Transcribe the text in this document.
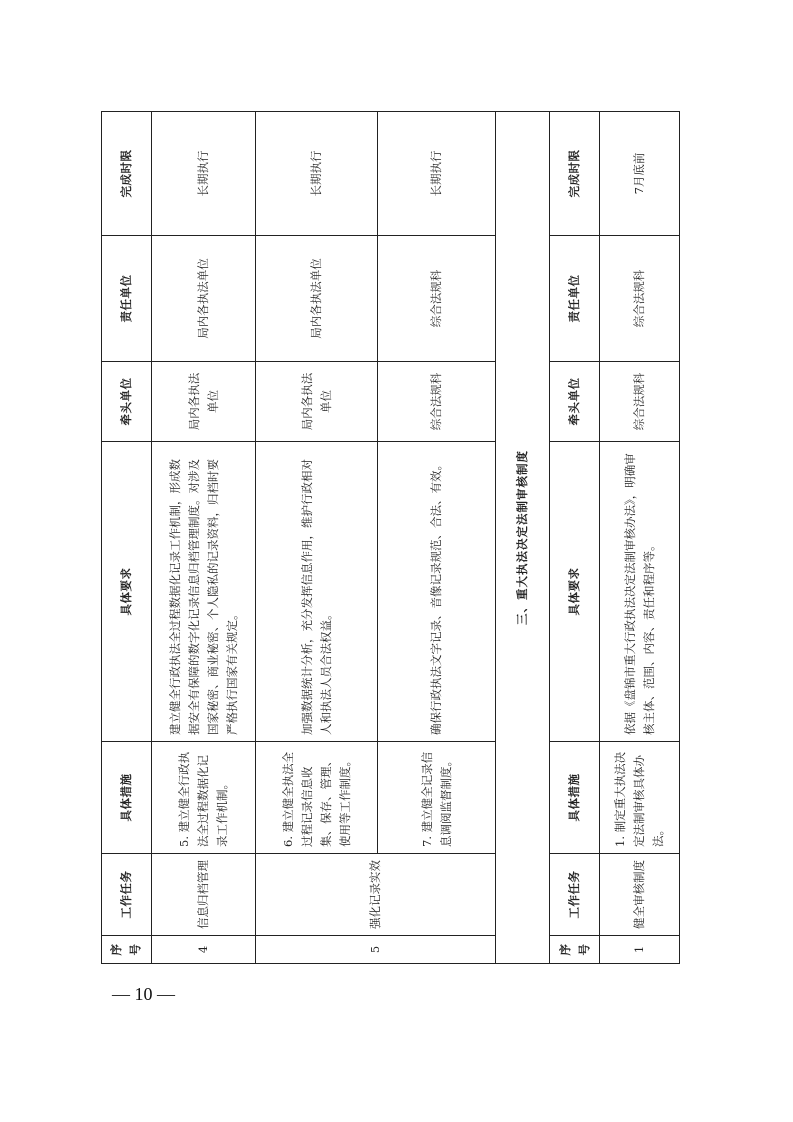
— 10 —
序号	工作任务	具体措施	具体要求	牵头单位	责任单位	完成时限
4	信息归档管理	5. 建立健全行政执法全过程数据化记录工作机制。	建立健全行政执法全过程数据化记录工作机制，形成数据安全有保障的数字化记录信息归档管理制度。对涉及国家秘密、商业秘密、个人隐私的记录资料，归档时要严格执行国家有关规定。	局内各执法单位	局内各执法单位	长期执行
5	强化记录实效	6. 建立健全执法全过程记录信息收集、保存、管理、使用等工作制度。	加强数据统计分析，充分发挥信息作用，维护行政相对人和执法人员合法权益。	局内各执法单位	局内各执法单位	长期执行
		7. 建立健全记录信息调阅监督制度。	确保行政执法文字记录、音像记录规范、合法、有效。	综合法规科	综合法规科	长期执行
三、重大执法决定法制审核制度						
序号	工作任务	具体措施	具体要求	牵头单位	责任单位	完成时限
1	健全审核制度	1. 制定重大执法决定法制审核具体办法。	依据《盘锦市重大行政执法决定法制审核办法》，明确审核主体、范围、内容、责任和程序等。	综合法规科	综合法规科	7月底前
